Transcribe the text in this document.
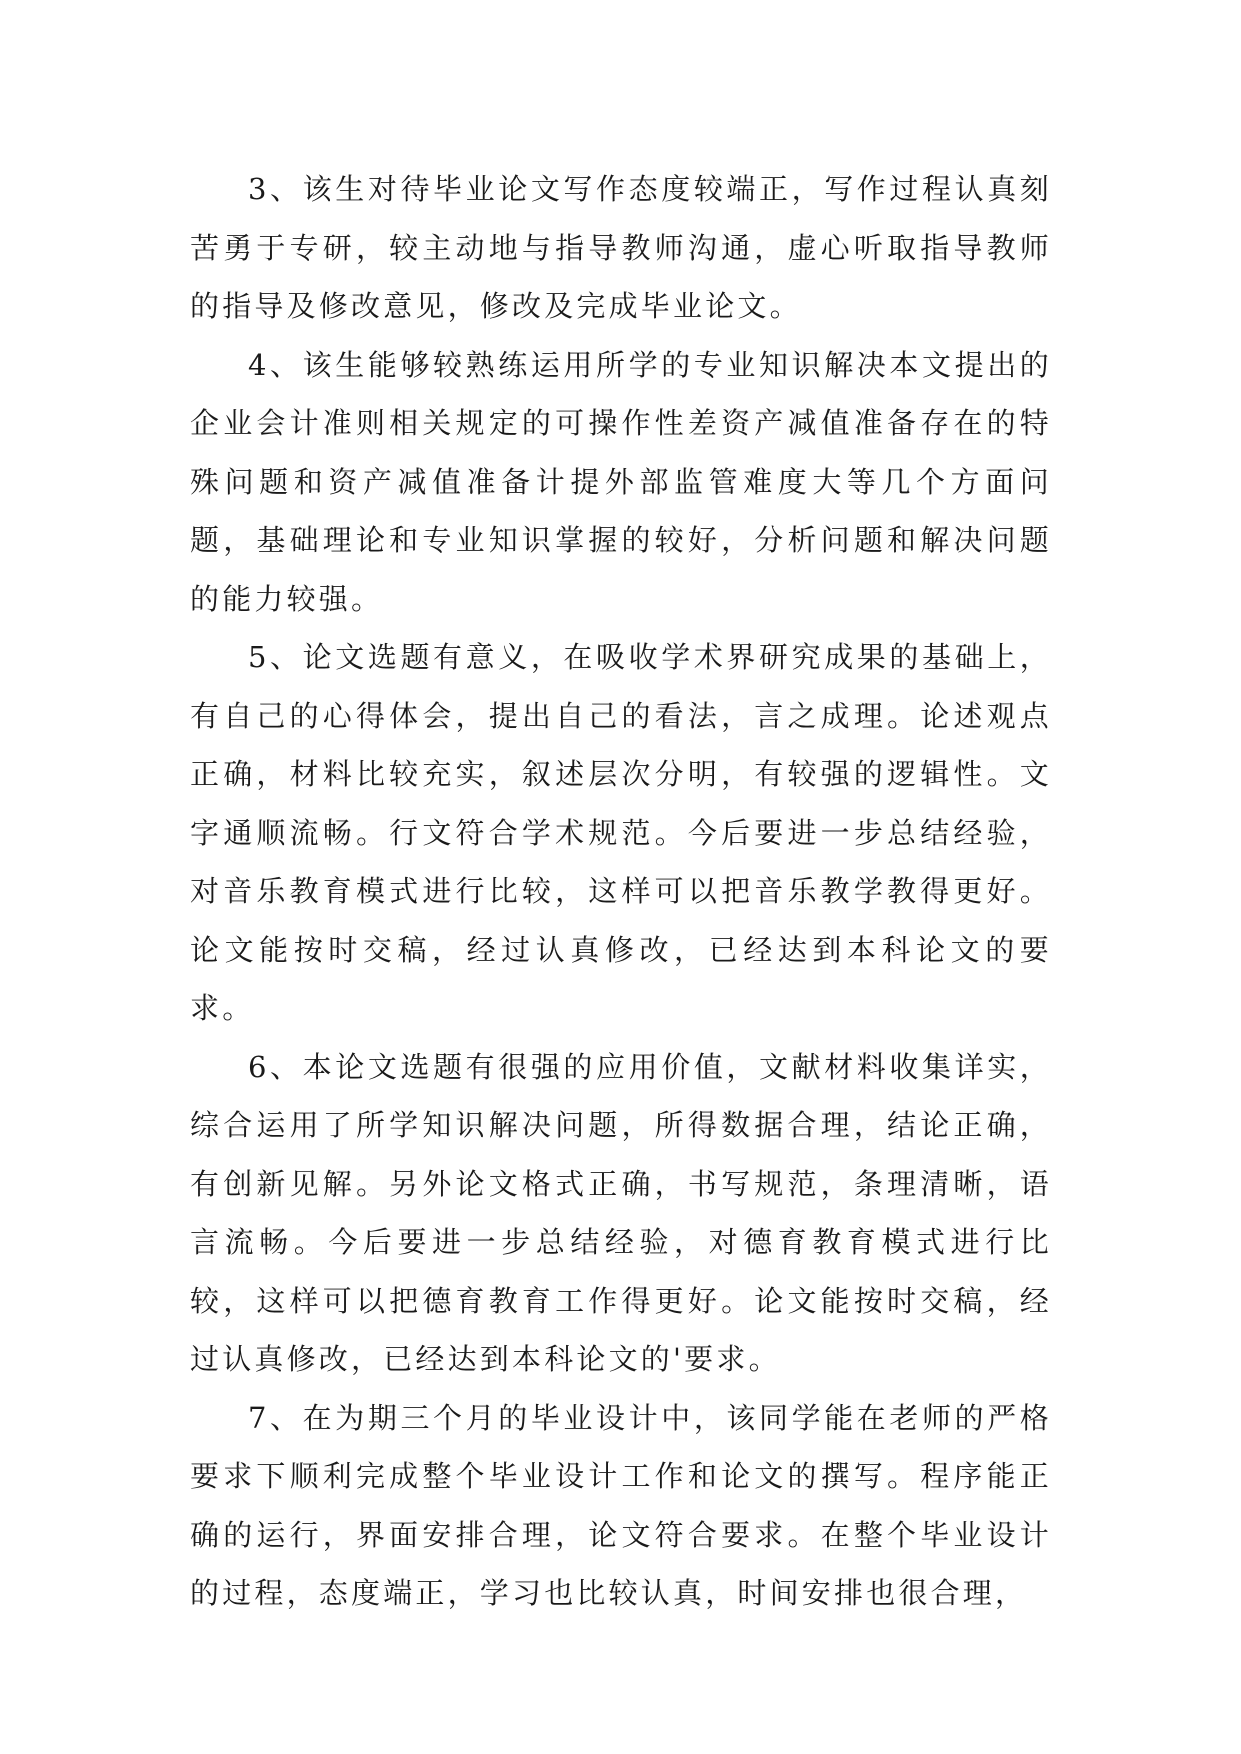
3、该生对待毕业论文写作态度较端正，写作过程认真刻苦勇于专研，较主动地与指导教师沟通，虚心听取指导教师的指导及修改意见，修改及完成毕业论文。

4、该生能够较熟练运用所学的专业知识解决本文提出的企业会计准则相关规定的可操作性差资产减值准备存在的特殊问题和资产减值准备计提外部监管难度大等几个方面问题，基础理论和专业知识掌握的较好，分析问题和解决问题的能力较强。

5、论文选题有意义，在吸收学术界研究成果的基础上，有自己的心得体会，提出自己的看法，言之成理。论述观点正确，材料比较充实，叙述层次分明，有较强的逻辑性。文字通顺流畅。行文符合学术规范。今后要进一步总结经验，对音乐教育模式进行比较，这样可以把音乐教学教得更好。论文能按时交稿，经过认真修改，已经达到本科论文的要求。

6、本论文选题有很强的应用价值，文献材料收集详实，综合运用了所学知识解决问题，所得数据合理，结论正确，有创新见解。另外论文格式正确，书写规范，条理清晰，语言流畅。今后要进一步总结经验，对德育教育模式进行比较，这样可以把德育教育工作得更好。论文能按时交稿，经过认真修改，已经达到本科论文的'要求。

7、在为期三个月的毕业设计中，该同学能在老师的严格要求下顺利完成整个毕业设计工作和论文的撰写。程序能正确的运行，界面安排合理，论文符合要求。在整个毕业设计的过程，态度端正，学习也比较认真，时间安排也很合理，
